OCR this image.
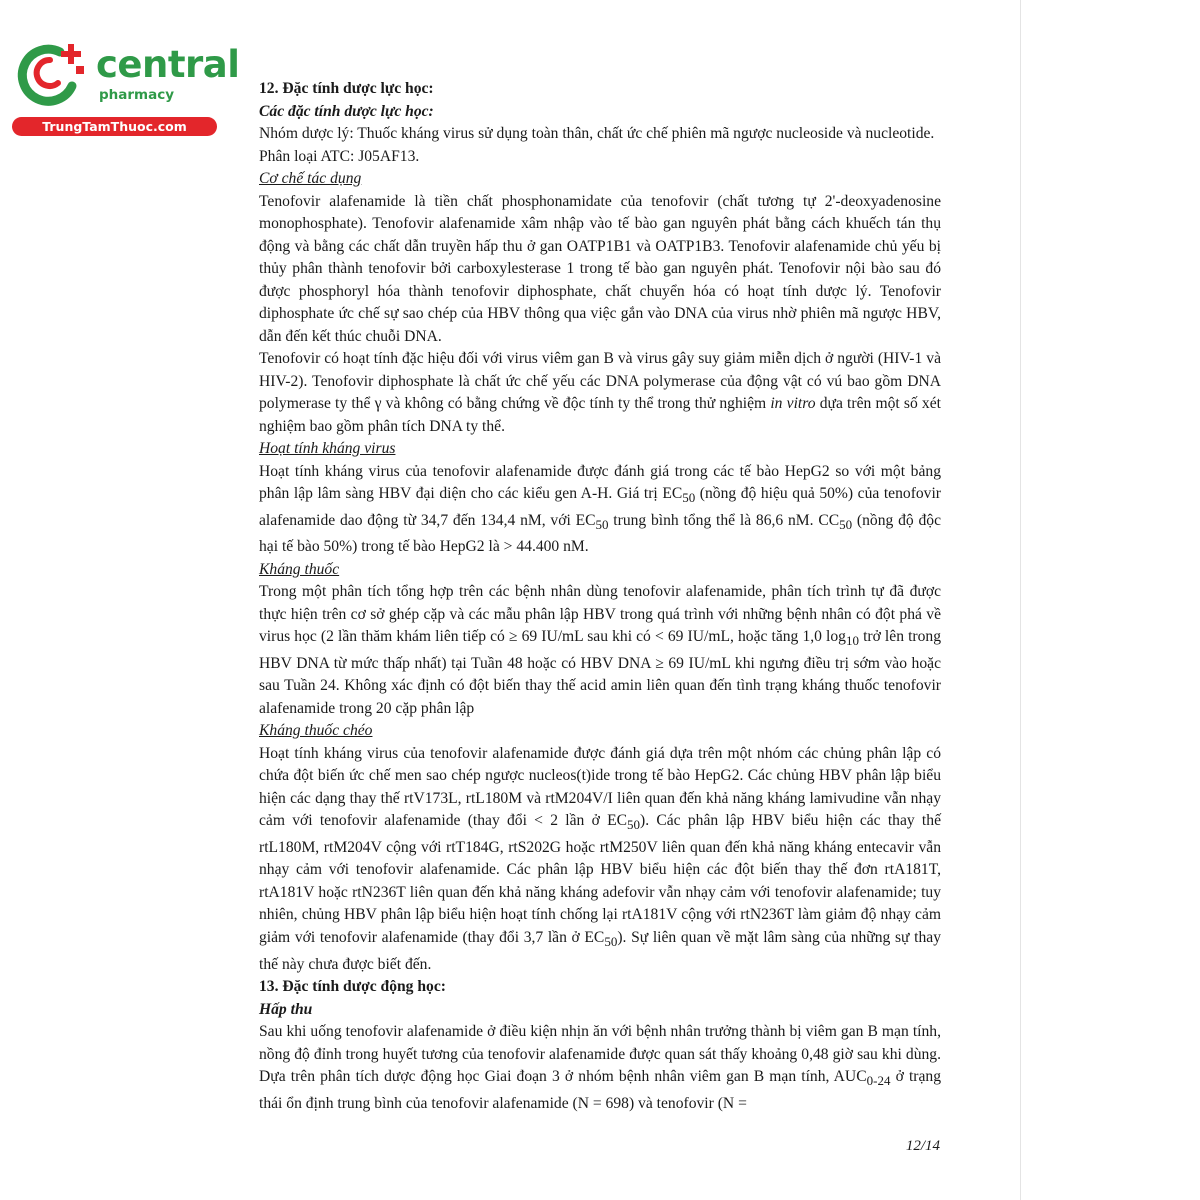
central
pharmacy
TrungTamThuoc.com

12. Đặc tính dược lực học:

Các đặc tính dược lực học:

Nhóm dược lý: Thuốc kháng virus sử dụng toàn thân, chất ức chế phiên mã ngược nucleoside và nucleotide.

Phân loại ATC: J05AF13.

Cơ chế tác dụng

Tenofovir alafenamide là tiền chất phosphonamidate của tenofovir (chất tương tự 2'-deoxyadenosine monophosphate). Tenofovir alafenamide xâm nhập vào tế bào gan nguyên phát bằng cách khuếch tán thụ động và bằng các chất dẫn truyền hấp thu ở gan OATP1B1 và OATP1B3. Tenofovir alafenamide chủ yếu bị thủy phân thành tenofovir bởi carboxylesterase 1 trong tế bào gan nguyên phát. Tenofovir nội bào sau đó được phosphoryl hóa thành tenofovir diphosphate, chất chuyển hóa có hoạt tính dược lý. Tenofovir diphosphate ức chế sự sao chép của HBV thông qua việc gắn vào DNA của virus nhờ phiên mã ngược HBV, dẫn đến kết thúc chuỗi DNA.

Tenofovir có hoạt tính đặc hiệu đối với virus viêm gan B và virus gây suy giảm miễn dịch ở người (HIV-1 và HIV-2). Tenofovir diphosphate là chất ức chế yếu các DNA polymerase của động vật có vú bao gồm DNA polymerase ty thể γ và không có bằng chứng về độc tính ty thể trong thử nghiệm in vitro dựa trên một số xét nghiệm bao gồm phân tích DNA ty thể.

Hoạt tính kháng virus

Hoạt tính kháng virus của tenofovir alafenamide được đánh giá trong các tế bào HepG2 so với một bảng phân lập lâm sàng HBV đại diện cho các kiểu gen A-H. Giá trị $EC_{50}$ (nồng độ hiệu quả 50%) của tenofovir alafenamide dao động từ 34,7 đến 134,4 nM, với $EC_{50}$ trung bình tổng thể là 86,6 nM. $CC_{50}$ (nồng độ độc hại tế bào 50%) trong tế bào HepG2 là > 44.400 nM.

Kháng thuốc

Trong một phân tích tổng hợp trên các bệnh nhân dùng tenofovir alafenamide, phân tích trình tự đã được thực hiện trên cơ sở ghép cặp và các mẫu phân lập HBV trong quá trình với những bệnh nhân có đột phá về virus học (2 lần thăm khám liên tiếp có ≥ 69 IU/mL sau khi có < 69 IU/mL, hoặc tăng 1,0 $\log_{10}$ trở lên trong HBV DNA từ mức thấp nhất) tại Tuần 48 hoặc có HBV DNA ≥ 69 IU/mL khi ngưng điều trị sớm vào hoặc sau Tuần 24. Không xác định có đột biến thay thế acid amin liên quan đến tình trạng kháng thuốc tenofovir alafenamide trong 20 cặp phân lập

Kháng thuốc chéo

Hoạt tính kháng virus của tenofovir alafenamide được đánh giá dựa trên một nhóm các chủng phân lập có chứa đột biến ức chế men sao chép ngược nucleos(t)ide trong tế bào HepG2. Các chủng HBV phân lập biểu hiện các dạng thay thế rtV173L, rtL180M và rtM204V/I liên quan đến khả năng kháng lamivudine vẫn nhạy cảm với tenofovir alafenamide (thay đổi < 2 lần ở $EC_{50}$). Các phân lập HBV biểu hiện các thay thế rtL180M, rtM204V cộng với rtT184G, rtS202G hoặc rtM250V liên quan đến khả năng kháng entecavir vẫn nhạy cảm với tenofovir alafenamide. Các phân lập HBV biểu hiện các đột biến thay thế đơn rtA181T, rtA181V hoặc rtN236T liên quan đến khả năng kháng adefovir vẫn nhạy cảm với tenofovir alafenamide; tuy nhiên, chủng HBV phân lập biểu hiện hoạt tính chống lại rtA181V cộng với rtN236T làm giảm độ nhạy cảm giảm với tenofovir alafenamide (thay đổi 3,7 lần ở $EC_{50}$). Sự liên quan về mặt lâm sàng của những sự thay thế này chưa được biết đến.

13. Đặc tính dược động học:

Hấp thu

Sau khi uống tenofovir alafenamide ở điều kiện nhịn ăn với bệnh nhân trưởng thành bị viêm gan B mạn tính, nồng độ đỉnh trong huyết tương của tenofovir alafenamide được quan sát thấy khoảng 0,48 giờ sau khi dùng. Dựa trên phân tích dược động học Giai đoạn 3 ở nhóm bệnh nhân viêm gan B mạn tính, $AUC_{0-24}$ ở trạng thái ổn định trung bình của tenofovir alafenamide (N = 698) và tenofovir (N =

12/14
